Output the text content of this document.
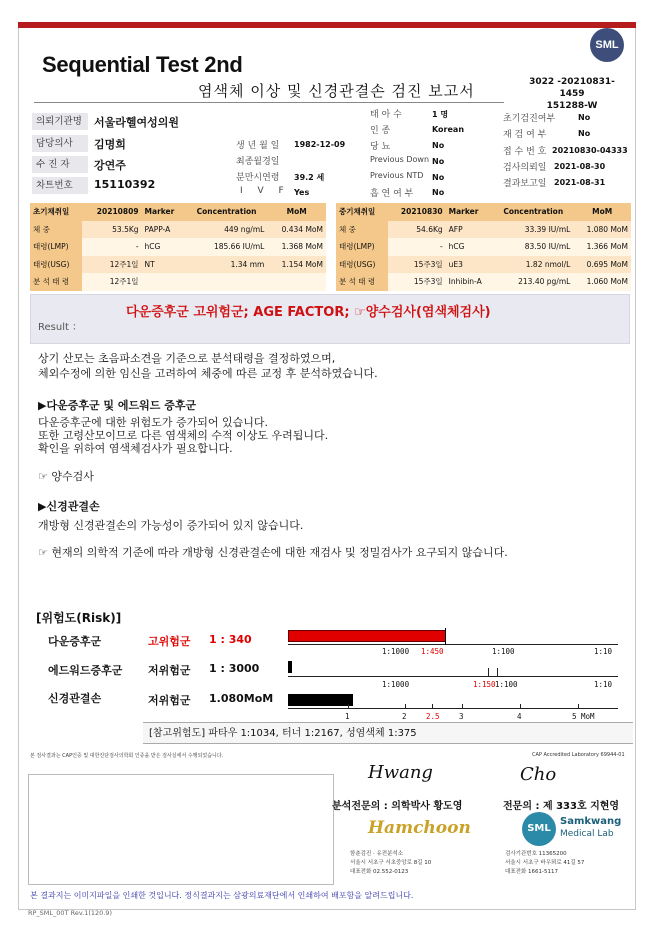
SML
Sequential Test 2nd
염색체 이상 및 신경관결손 검진 보고서	3022 -20210831-1459
151288-W
의뢰기관명	서울라헬여성의원
담당의사	김명희
수 진 자	강연주
차트번호	15110392
생 년 월 일 1982-12-09
최종월경일
분만시연령 39.2 세
I V F Yes
태 아 수	1 명
인 종	Korean
당 뇨	No
Previous Down No
Previous NTD No
흡 연 여 부 No
초기검진여부	No
재 검 여 부	No
접 수 번 호 20210830-04333
검사의뢰일 2021-08-30
결과보고일 2021-08-31
초기채취일	20210809	Marker	Concentration	MoM
체 중	53.5Kg	PAPP-A	449 ng/mL	0.434 MoM
태령(LMP)	-	hCG	185.66 IU/mL	1.368 MoM
태령(USG)	12주1일	NT	1.34 mm	1.154 MoM
분 석 태 령	12주1일			
중기채취일	20210830	Marker	Concentration	MoM
체 중	54.6Kg	AFP	33.39 IU/mL	1.080 MoM
태령(LMP)	-	hCG	83.50 IU/mL	1.366 MoM
태령(USG)	15주3일	uE3	1.82 nmol/L	0.695 MoM
분 석 태 령	15주3일	Inhibin-A	213.40 pg/mL	1.060 MoM
Result ：
다운증후군 고위험군; AGE FACTOR; ☞양수검사(염색체검사)
상기 산모는 초음파소견을 기준으로 분석태령을 결정하였으며,
체외수정에 의한 임신을 고려하여 체중에 따른 교정 후 분석하였습니다.
▶다운증후군 및 에드워드 증후군
다운증후군에 대한 위험도가 증가되어 있습니다.
또한 고령산모이므로 다른 염색체의 수적 이상도 우려됩니다.
확인을 위하여 염색체검사가 필요합니다.
☞ 양수검사
▶신경관결손
개방형 신경관결손의 가능성이 증가되어 있지 않습니다.
☞ 현재의 의학적 기준에 따라 개방형 신경관결손에 대한 재검사 및 정밀검사가 요구되지 않습니다.
[위험도(Risk)]
다운증후군	고위험군 1 : 340
에드워드증후군 저위험군 1 : 3000
신경관결손	저위험군 1.080MoM
1:1000 1:450	1:100	1:10
1:1000	1:150 1:100	1:10
1	2	2.5	3	4	5 MoM
[참고위험도] 파타우 1:1034, 터너 1:2167, 성염색체 1:375
본 검사결과는 CAP인증 및 대한진단검사의학회 인증을 받은 검사실에서 수행되었습니다.	CAP Accredited Laboratory 69944-01
Hwang	Cho
분석전문의 : 의학박사 황도영	전문의 : 제 333호 지현영
Hamchoon	SML
Samkwang
Medical Lab
함춘검진 · 유전분석소
서울시 서초구 서초중앙로 8길 10
대표전화 02.552-0123
검사기관번호 11365200
서울시 서초구 바우뫼로 41길 57
대표전화 1661-5117
본 결과지는 이미지파일을 인쇄한 것입니다. 정식결과지는 삼광의료재단에서 인쇄하여 배포함을 알려드립니다.
RP_SML_00T Rev.1(120.9)
